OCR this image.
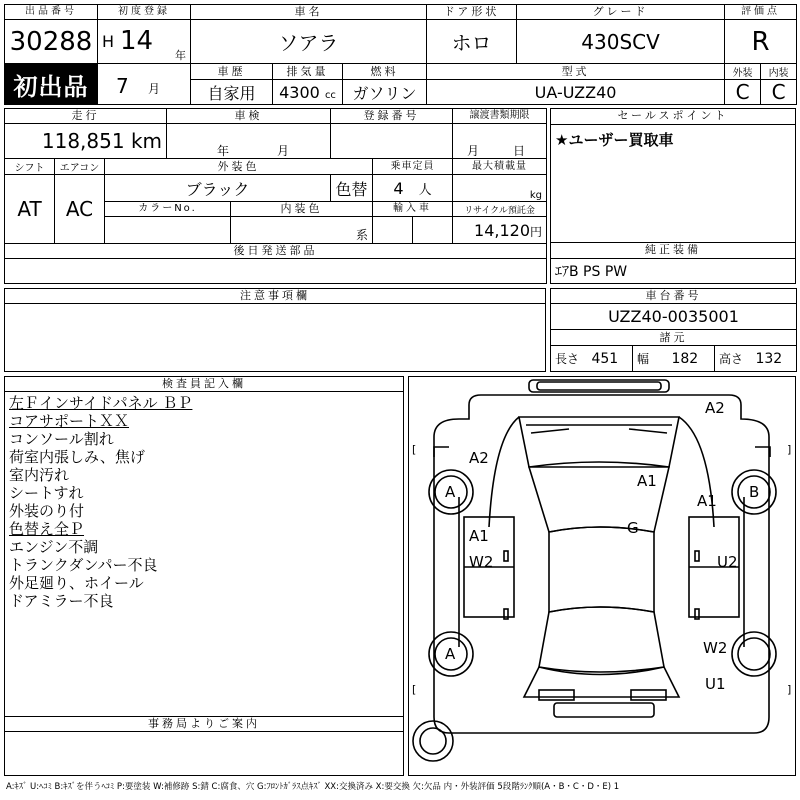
出品番号	初度登録	車名			ドア形状	グレード	評価点	
30288	H 14 年	ソアラ			ホロ	430SCV	R	
初出品	7 月	車歴	排気量	燃料	型式		外装	内装
		自家用	4300 cc	ガソリン	UA-UZZ40		C	C
走行			車検		登録番号			譲渡書類期限
118,851 km			年 月					月 日

シフト	エアコン	外装色				乗車定員		最大積載量
AT	AC	ブラック			色替	4 人		kg
		カラーNo.		内装色		輸入車		リサイクル預託金
				系				14,120円
後日発送部品								

セールスポイント
★ユーザー買取車
純正装備
ｴｱB PS PW
注意事項欄	車台番号
UZZ40-0035001
諸元
長さ 451	幅 182	高さ 132
検査員記入欄

左Ｆインサイドパネル ＢＰ
コアサポートＸＸ
コンソール割れ
荷室内張しみ、焦げ
室内汚れ
シートすれ
外装のり付
色替え全Ｐ
エンジン不調
トランクダンパー不良
外足廻り、ホイール
ドアミラー不良

事務局よりご案内

[
[
]
]
A2
A2
A1
A1
A	B
G
A1
W2	U2
A	W2
U1
A:ｷｽﾞ U:ﾍｺﾐ B:ｷｽﾞを伴うﾍｺﾐ P:要塗装 W:補修跡 S:錆 C:腐食、穴 G:ﾌﾛﾝﾄｶﾞﾗｽ点ｷｽﾞ XX:交換済み X:要交換 欠:欠品 内・外装評価 5段階ﾗﾝｸ順(A・B・C・D・E) 1
